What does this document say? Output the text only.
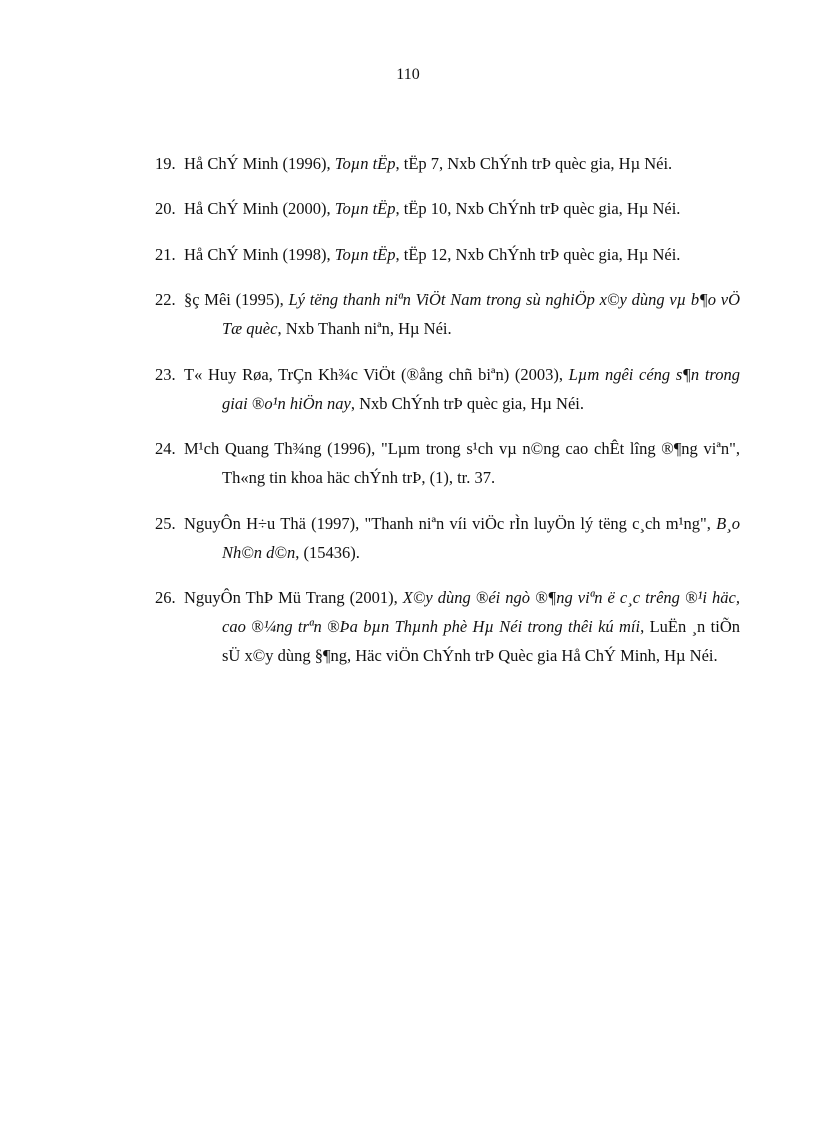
110

19. Hå ChÝ Minh (1996), Toµn tËp, tËp 7, Nxb ChÝnh trÞ quèc gia, Hµ Néi.

20. Hå ChÝ Minh (2000), Toµn tËp, tËp 10, Nxb ChÝnh trÞ quèc gia, Hµ Néi.

21. Hå ChÝ Minh (1998), Toµn tËp, tËp 12, Nxb ChÝnh trÞ quèc gia, Hµ Néi.

22. §ç Mêi (1995), Lý tëng thanh niªn ViÖt Nam trong sù nghiÖp x©y dùng vµ b¶o vÖ Tæ quèc, Nxb Thanh niªn, Hµ Néi.

23. T« Huy Røa, TrÇn Kh¾c ViÖt (®ång chñ biªn) (2003), Lµm ngêi céng s¶n trong giai ®o¹n hiÖn nay, Nxb ChÝnh trÞ quèc gia, Hµ Néi.

24. M¹ch Quang Th¾ng (1996), "Lµm trong s¹ch vµ n©ng cao chÊt lîng ®¶ng viªn", Th«ng tin khoa häc chÝnh trÞ, (1), tr. 37.

25. NguyÔn H÷u Thä (1997), "Thanh niªn víi viÖc rÌn luyÖn lý tëng c¸ch m¹ng", B¸o Nh©n d©n, (15436).

26. NguyÔn ThÞ Mü Trang (2001), X©y dùng ®éi ngò ®¶ng viªn ë c¸c trêng ®¹i häc, cao ®¼ng trªn ®Þa bµn Thµnh phè Hµ Néi trong thêi kú míi, LuËn ¸n tiÕn sÜ x©y dùng §¶ng, Häc viÖn ChÝnh trÞ Quèc gia Hå ChÝ Minh, Hµ Néi.
